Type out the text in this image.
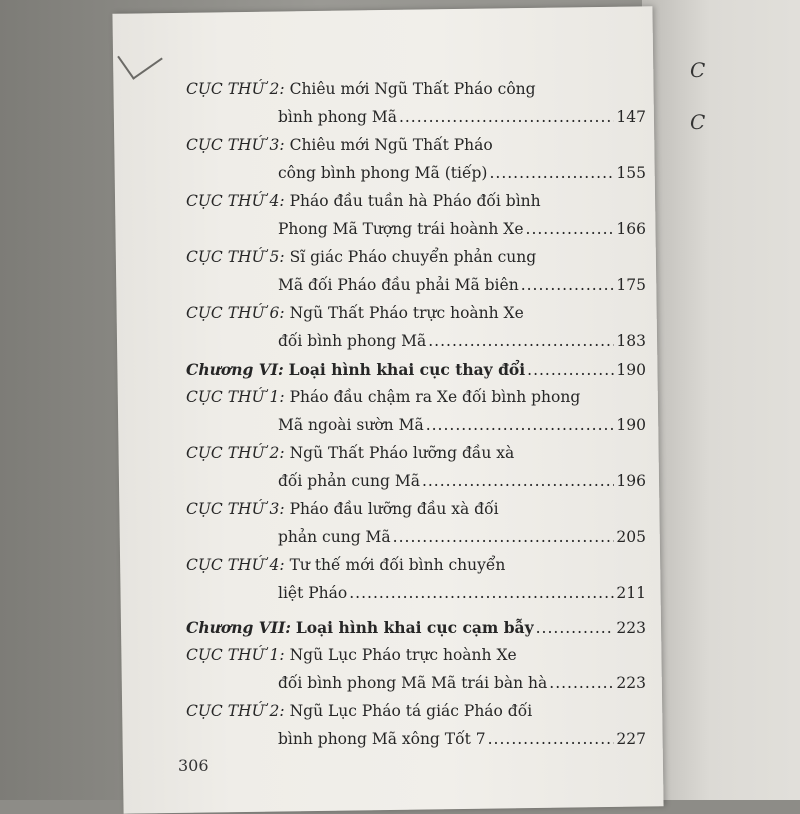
C
C
CỤC THỨ 2:
Chiêu mới Ngũ Thất Pháo công
bình phong Mã .....	147
CỤC THỨ 3:
Chiêu mới Ngũ Thất Pháo
công bình phong Mã (tiếp) .....	155
CỤC THỨ 4:
Pháo đầu tuần hà Pháo đối bình
Phong Mã Tượng trái hoành Xe .....	166
CỤC THỨ 5:
Sĩ giác Pháo chuyển phản cung
Mã đối Pháo đầu phải Mã biên .....	175
CỤC THỨ 6:
Ngũ Thất Pháo trực hoành Xe
đối bình phong Mã .....	183
Chương VI:
Loại hình khai cục thay đổi .....	190
CỤC THỨ 1:
Pháo đầu chậm ra Xe đối bình phong
Mã ngoài sườn Mã .....	190
CỤC THỨ 2:
Ngũ Thất Pháo lưỡng đầu xà
đối phản cung Mã .....	196
CỤC THỨ 3:
Pháo đầu lưỡng đầu xà đối
phản cung Mã .....	205
CỤC THỨ 4:
Tư thế mới đối bình chuyển
liệt Pháo .....	211
Chương VII:
Loại hình khai cục cạm bẫy .....	223
CỤC THỨ 1:
Ngũ Lục Pháo trực hoành Xe
đối bình phong Mã Mã trái bàn hà .....	223
CỤC THỨ 2:
Ngũ Lục Pháo tá giác Pháo đối
bình phong Mã xông Tốt 7 .....	227
306
